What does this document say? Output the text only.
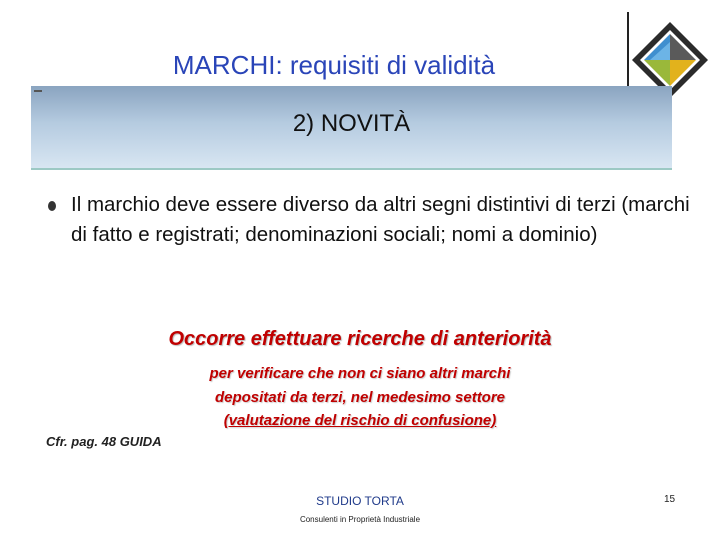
MARCHI: requisiti di validità
2) NOVITÀ
Il marchio deve essere diverso da altri segni distintivi di terzi (marchi di fatto e registrati; denominazioni sociali; nomi a dominio)
Occorre effettuare ricerche di anteriorità
per verificare che non ci siano altri marchi
depositati da terzi, nel medesimo settore
(valutazione del rischio di confusione)
Cfr. pag. 48 GUIDA
STUDIO TORTA
Consulenti in Proprietà Industriale
15
